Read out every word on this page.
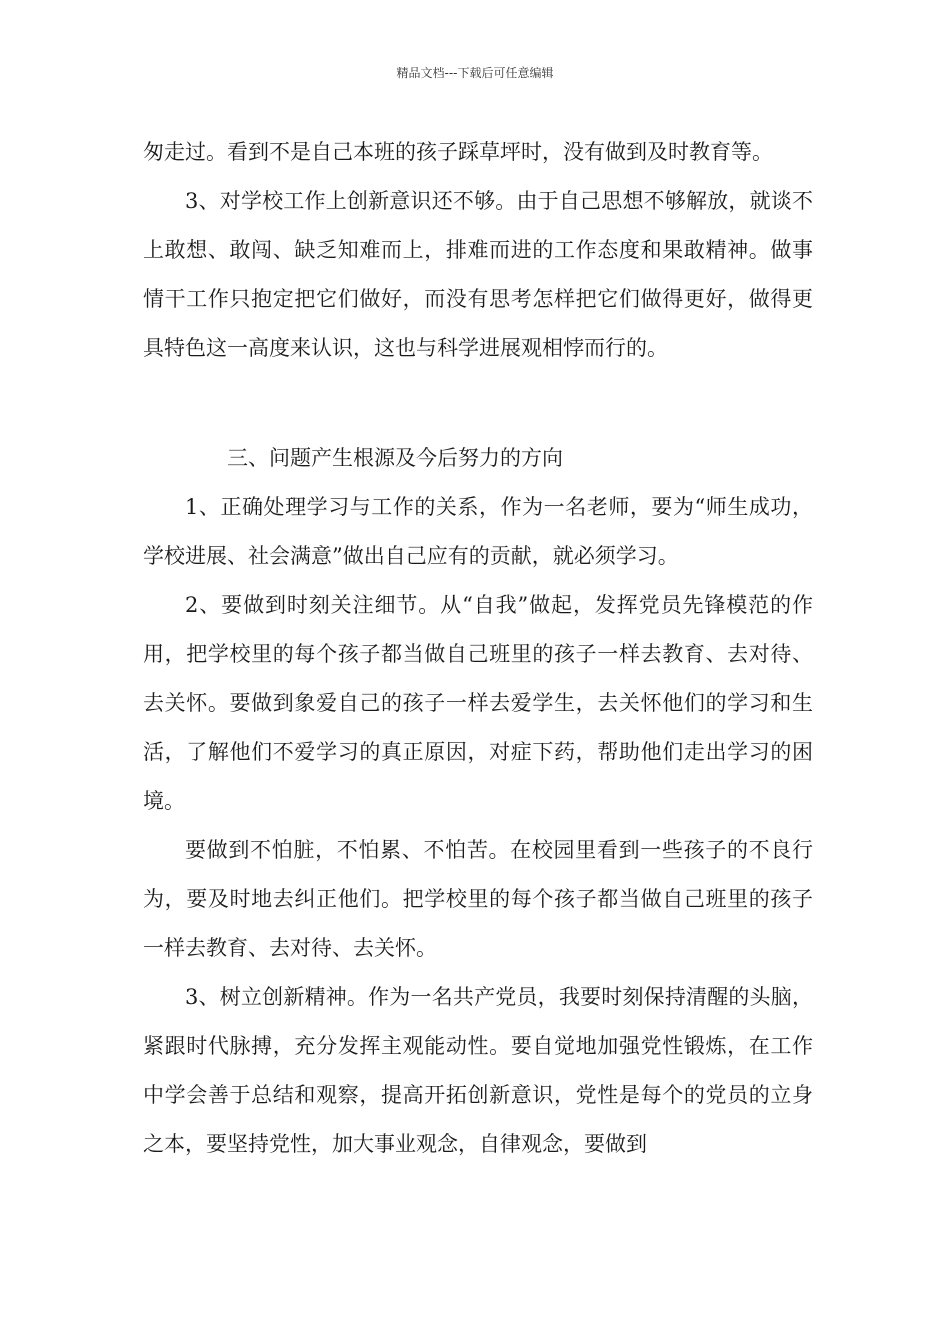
精品文档---下载后可任意编辑

匆走过。看到不是自己本班的孩子踩草坪时，没有做到及时教育等。

3、对学校工作上创新意识还不够。由于自己思想不够解放，就谈不上敢想、敢闯、缺乏知难而上，排难而进的工作态度和果敢精神。做事情干工作只抱定把它们做好，而没有思考怎样把它们做得更好，做得更具特色这一高度来认识，这也与科学进展观相悖而行的。

三、问题产生根源及今后努力的方向

1、正确处理学习与工作的关系，作为一名老师，要为“师生成功，学校进展、社会满意”做出自己应有的贡献，就必须学习。

2、要做到时刻关注细节。从“自我”做起，发挥党员先锋模范的作用，把学校里的每个孩子都当做自己班里的孩子一样去教育、去对待、去关怀。要做到象爱自己的孩子一样去爱学生，去关怀他们的学习和生活，了解他们不爱学习的真正原因，对症下药，帮助他们走出学习的困境。

要做到不怕脏，不怕累、不怕苦。在校园里看到一些孩子的不良行为，要及时地去纠正他们。把学校里的每个孩子都当做自己班里的孩子一样去教育、去对待、去关怀。

3、树立创新精神。作为一名共产党员，我要时刻保持清醒的头脑，紧跟时代脉搏，充分发挥主观能动性。要自觉地加强党性锻炼，在工作中学会善于总结和观察，提高开拓创新意识，党性是每个的党员的立身之本，要坚持党性，加大事业观念，自律观念，要做到
